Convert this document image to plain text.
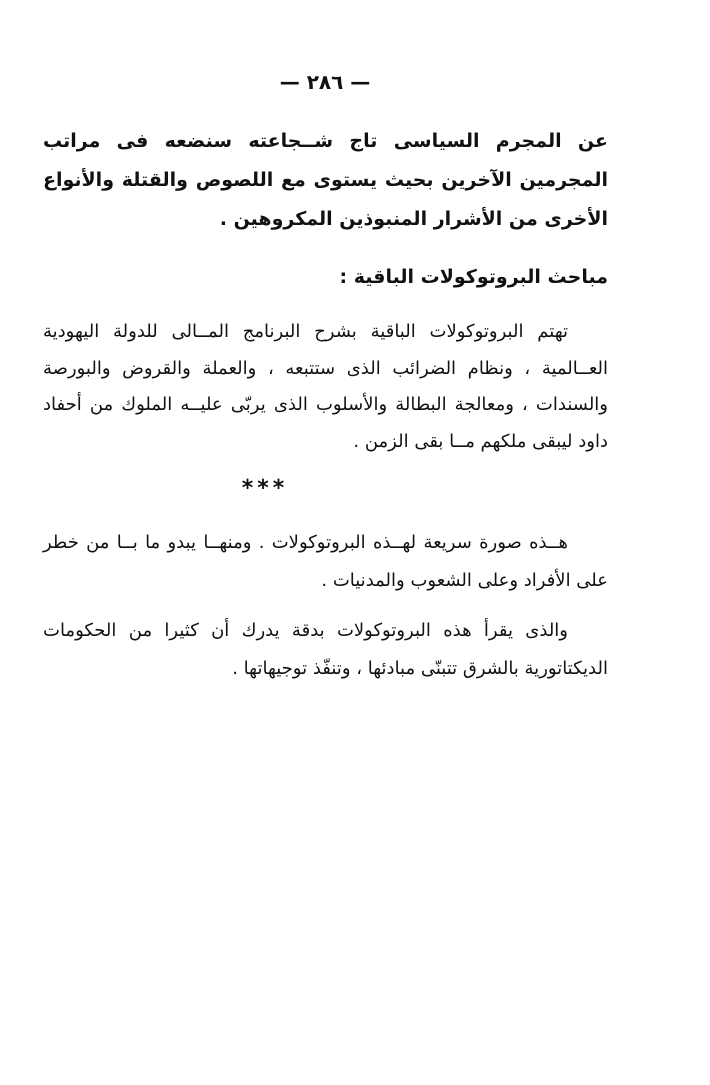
— ٢٨٦ —

عن المجرم السياسى تاج شــجاعته سنضعه فى مراتب المجرمين الآخرين بحيث يستوى مع اللصوص والقتلة والأنواع الأخرى من الأشرار المنبوذين المكروهين .

مباحث البروتوكولات الباقية :

تهتم البروتوكولات الباقية بشرح البرنامج المــالى للدولة اليهودية العــالمية ، ونظام الضرائب الذى ستتبعه ، والعملة والقروض والبورصة والسندات ، ومعالجة البطالة والأسلوب الذى يربّى عليــه الملوك من أحفاد داود ليبقى ملكهم مــا بقى الزمن .

***

هــذه صورة سريعة لهــذه البروتوكولات . ومنهــا يبدو ما بــا من خطر على الأفراد وعلى الشعوب والمدنيات .

والذى يقرأ هذه البروتوكولات بدقة يدرك أن كثيرا من الحكومات الديكتاتورية بالشرق تتبنّى مبادئها ، وتنفّذ توجيهاتها .
